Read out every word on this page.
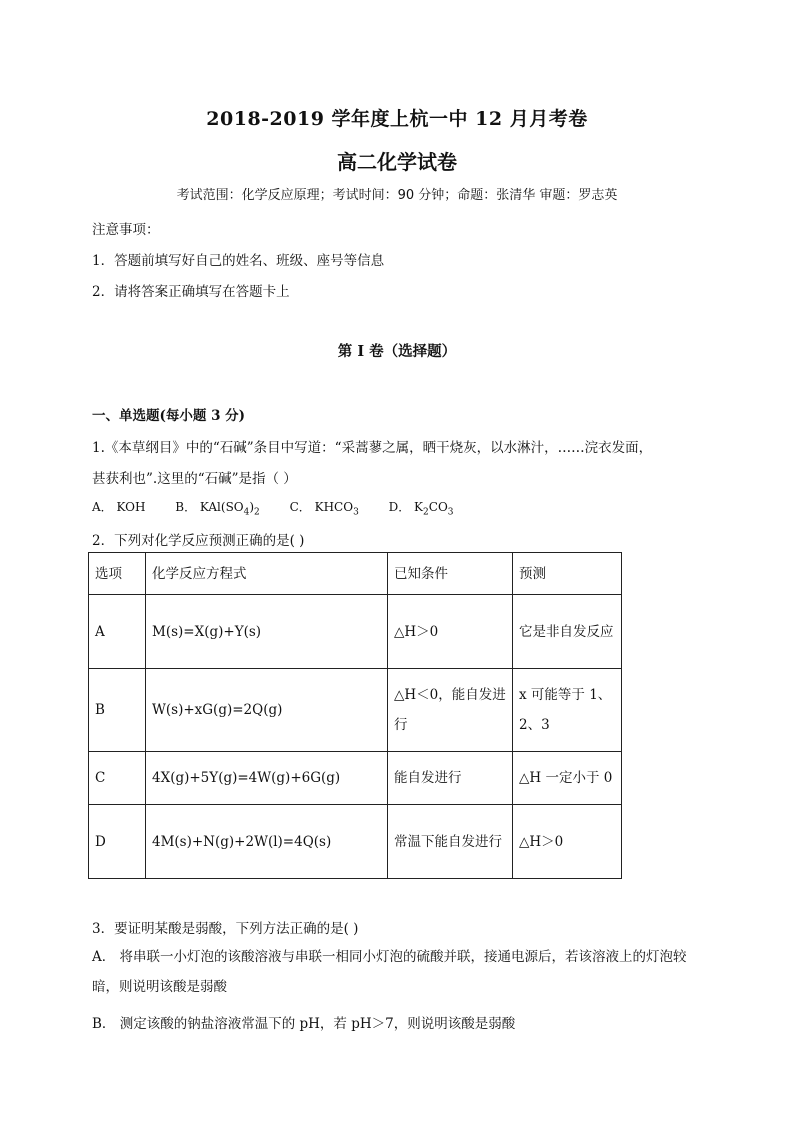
2018-2019 学年度上杭一中 12 月月考卷
高二化学试卷
考试范围：化学反应原理；考试时间：90 分钟；命题：张清华 审题：罗志英
注意事项：
1．答题前填写好自己的姓名、班级、座号等信息
2．请将答案正确填写在答题卡上
第 I 卷（选择题）
一、单选题(每小题 3 分)
1.《本草纲目》中的“石碱”条目中写道：“采蒿蓼之属，晒干烧灰，以水淋汁，……浣衣发面，
甚获利也”.这里的“石碱”是指（ ）
A． KOH B． $KAl(SO_4)_2$ C． $KHCO_3$ D． $K_2CO_3$
2．下列对化学反应预测正确的是( )
选项	化学反应方程式	已知条件	预测
A	M(s)=X(g)+Y(s)	△H＞0	它是非自发反应
B	W(s)+xG(g)=2Q(g)	△H＜0，能自发进行	x 可能等于 1、2、3
C	4X(g)+5Y(g)=4W(g)+6G(g)	能自发进行	△H 一定小于 0
D	4M(s)+N(g)+2W(l)=4Q(s)	常温下能自发进行	△H＞0
3．要证明某酸是弱酸，下列方法正确的是( )
A． 将串联一小灯泡的该酸溶液与串联一相同小灯泡的硫酸并联，接通电源后，若该溶液上的灯泡较暗，则说明该酸是弱酸
B． 测定该酸的钠盐溶液常温下的 pH，若 pH＞7，则说明该酸是弱酸
